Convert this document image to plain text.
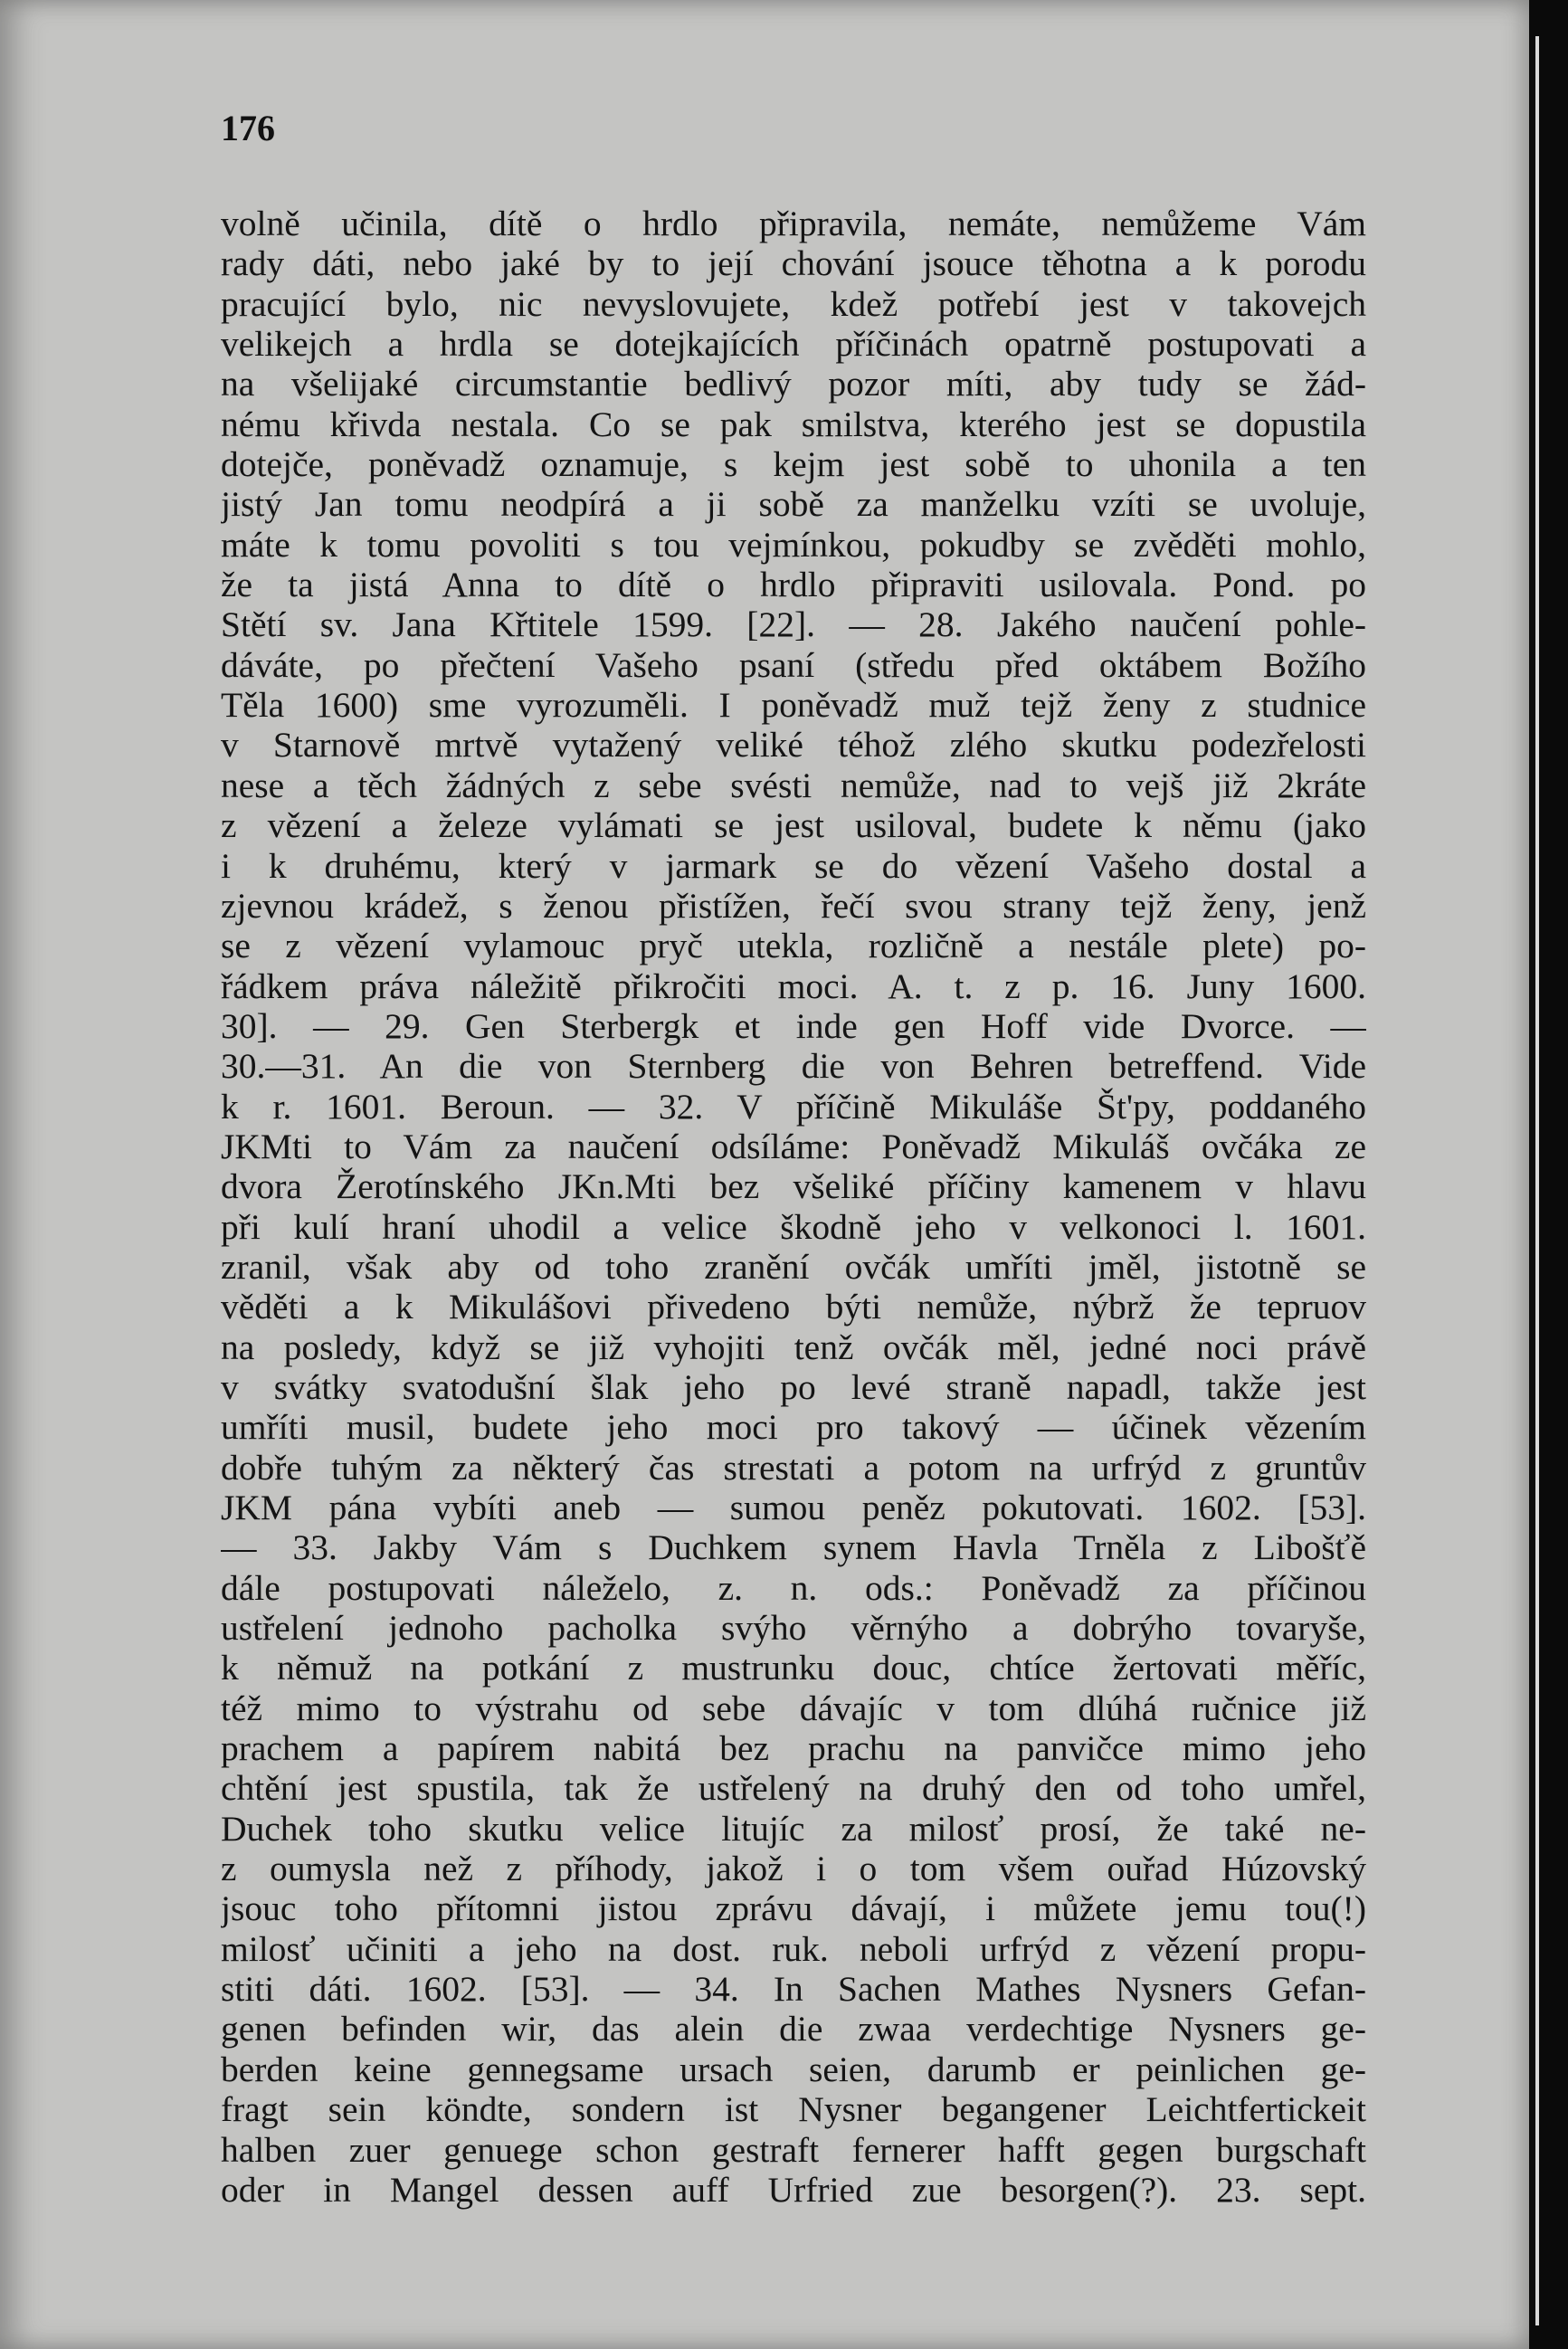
176
volně učinila, dítě o hrdlo připravila, nemáte, nemůžeme Vám
rady dáti, nebo jaké by to její chování jsouce těhotna a k porodu
pracující bylo, nic nevyslovujete, kdež potřebí jest v takovejch
velikejch a hrdla se dotejkajících příčinách opatrně postupovati a
na všelijaké circumstantie bedlivý pozor míti, aby tudy se žád-
nému křivda nestala. Co se pak smilstva, kterého jest se dopustila
dotejče, poněvadž oznamuje, s kejm jest sobě to uhonila a ten
jistý Jan tomu neodpírá a ji sobě za manželku vzíti se uvoluje,
máte k tomu povoliti s tou vejmínkou, pokudby se zvěděti mohlo,
že ta jistá Anna to dítě o hrdlo připraviti usilovala. Pond. po
Stětí sv. Jana Křtitele 1599. [22]. — 28. Jakého naučení pohle-
dáváte, po přečtení Vašeho psaní (středu před oktábem Božího
Těla 1600) sme vyrozuměli. I poněvadž muž tejž ženy z studnice
v Starnově mrtvě vytažený veliké téhož zlého skutku podezřelosti
nese a těch žádných z sebe svésti nemůže, nad to vejš již 2kráte
z vězení a železe vylámati se jest usiloval, budete k němu (jako
i k druhému, který v jarmark se do vězení Vašeho dostal a
zjevnou krádež, s ženou přistížen, řečí svou strany tejž ženy, jenž
se z vězení vylamouc pryč utekla, rozličně a nestále plete) po-
řádkem práva náležitě přikročiti moci. A. t. z p. 16. Juny 1600.
30]. — 29. Gen Sterbergk et inde gen Hoff vide Dvorce. —
30.—31. An die von Sternberg die von Behren betreffend. Vide
k r. 1601. Beroun. — 32. V příčině Mikuláše Št'py, poddaného
JKMti to Vám za naučení odsíláme: Poněvadž Mikuláš ovčáka ze
dvora Žerotínského JKn.Mti bez všeliké příčiny kamenem v hlavu
při kulí hraní uhodil a velice škodně jeho v velkonoci l. 1601.
zranil, však aby od toho zranění ovčák umříti jměl, jistotně se
věděti a k Mikulášovi přivedeno býti nemůže, nýbrž že tepruov
na posledy, když se již vyhojiti tenž ovčák měl, jedné noci právě
v svátky svatodušní šlak jeho po levé straně napadl, takže jest
umříti musil, budete jeho moci pro takový — účinek vězením
dobře tuhým za některý čas strestati a potom na urfrýd z gruntův
JKM pána vybíti aneb — sumou peněz pokutovati. 1602. [53].
— 33. Jakby Vám s Duchkem synem Havla Trněla z Libošťě
dále postupovati náleželo, z. n. ods.: Poněvadž za příčinou
ustřelení jednoho pacholka svýho věrnýho a dobrýho tovaryše,
k němuž na potkání z mustrunku douc, chtíce žertovati měříc,
též mimo to výstrahu od sebe dávajíc v tom dlúhá ručnice již
prachem a papírem nabitá bez prachu na panvičce mimo jeho
chtění jest spustila, tak že ustřelený na druhý den od toho umřel,
Duchek toho skutku velice litujíc za milosť prosí, že také ne-
z oumysla než z příhody, jakož i o tom všem ouřad Húzovský
jsouc toho přítomni jistou zprávu dávají, i můžete jemu tou(!)
milosť učiniti a jeho na dost. ruk. neboli urfrýd z vězení propu-
stiti dáti. 1602. [53]. — 34. In Sachen Mathes Nysners Gefan-
genen befinden wir, das alein die zwaa verdechtige Nysners ge-
berden keine gennegsame ursach seien, darumb er peinlichen ge-
fragt sein köndte, sondern ist Nysner begangener Leichtfertickeit
halben zuer genuege schon gestraft fernerer hafft gegen burgschaft
oder in Mangel dessen auff Urfried zue besorgen(?). 23. sept.
